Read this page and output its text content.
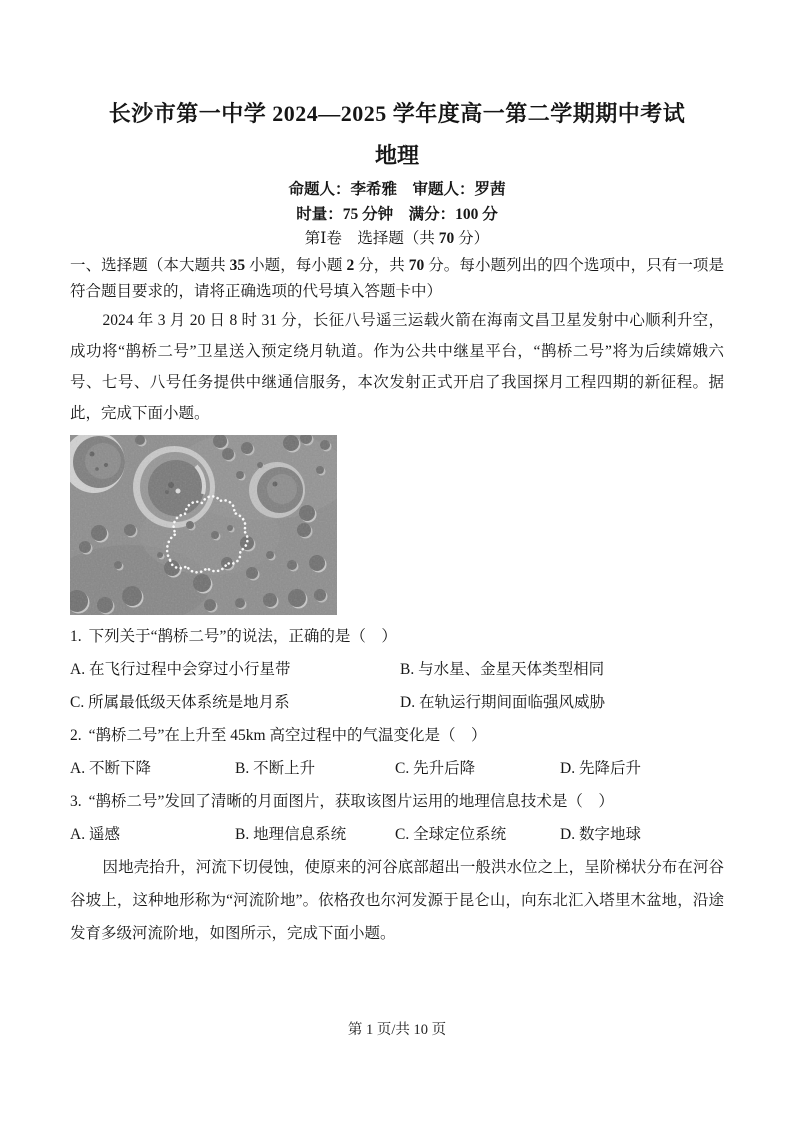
长沙市第一中学 2024—2025 学年度高一第二学期期中考试
地理
命题人：李希雅　审题人：罗茜
时量：75 分钟　满分：100 分
第Ⅰ卷　选择题（共 70 分）
一、选择题（本大题共 35 小题，每小题 2 分，共 70 分。每小题列出的四个选项中，只有一项是符合题目要求的，请将正确选项的代号填入答题卡中）

2024 年 3 月 20 日 8 时 31 分，长征八号遥三运载火箭在海南文昌卫星发射中心顺利升空，成功将“鹊桥二号”卫星送入预定绕月轨道。作为公共中继星平台，“鹊桥二号”将为后续嫦娥六号、七号、八号任务提供中继通信服务，本次发射正式开启了我国探月工程四期的新征程。据此，完成下面小题。

1. 下列关于“鹊桥二号”的说法，正确的是（　）
A. 在飞行过程中会穿过小行星带	B. 与水星、金星天体类型相同
C. 所属最低级天体系统是地月系	D. 在轨运行期间面临强风威胁
2. “鹊桥二号”在上升至 45km 高空过程中的气温变化是（　）
A. 不断下降	B. 不断上升	C. 先升后降	D. 先降后升
3. “鹊桥二号”发回了清晰的月面图片，获取该图片运用的地理信息技术是（　）
A. 遥感	B. 地理信息系统	C. 全球定位系统	D. 数字地球

因地壳抬升，河流下切侵蚀，使原来的河谷底部超出一般洪水位之上，呈阶梯状分布在河谷谷坡上，这种地形称为“河流阶地”。依格孜也尔河发源于昆仑山，向东北汇入塔里木盆地，沿途发育多级河流阶地，如图所示，完成下面小题。

第 1 页/共 10 页
